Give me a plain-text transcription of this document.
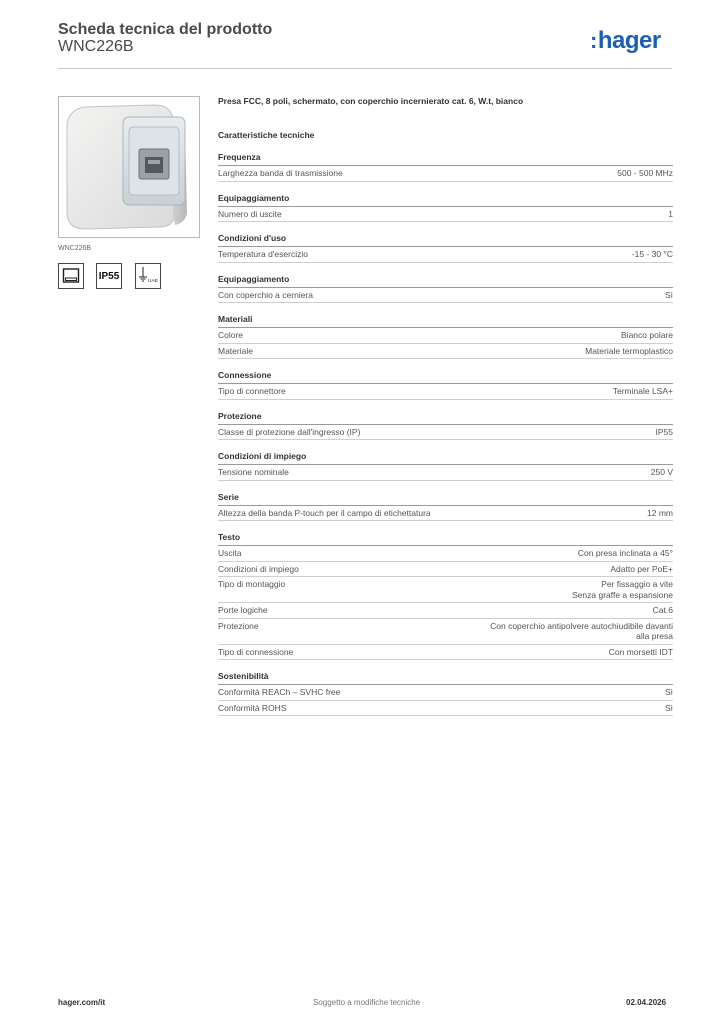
Scheda tecnica del prodotto
WNC226B	:hager
WNC226B
IP55	UAE
Presa FCC, 8 poli, schermato, con coperchio incernierato cat. 6, W.t, bianco
Caratteristiche tecniche
Frequenza
Larghezza banda di trasmissione	500 - 500 MHz
Equipaggiamento
Numero di uscite	1
Condizioni d'uso
Temperatura d'esercizio	-15 - 30 °C
Equipaggiamento
Con coperchio a cerniera	Sì
Materiali
Colore	Bianco polare
Materiale	Materiale termoplastico
Connessione
Tipo di connettore	Terminale LSA+
Protezione
Classe di protezione dall'ingresso (IP)	IP55
Condizioni di impiego
Tensione nominale	250 V
Serie
Altezza della banda P-touch per il campo di etichettatura	12 mm
Testo
Uscita	Con presa inclinata a 45°
Condizioni di impiego	Adatto per PoE+
Tipo di montaggio	Per fissaggio a vite
Senza graffe a espansione
Porte logiche	Cat.6
Protezione	Con coperchio antipolvere autochiudibile davanti
alla presa
Tipo di connessione	Con morsetti IDT
Sostenibilità
Conformità REACh – SVHC free	Sì
Conformità ROHS	Sì
hager.com/it	Soggetto a modifiche tecniche	02.04.2026
